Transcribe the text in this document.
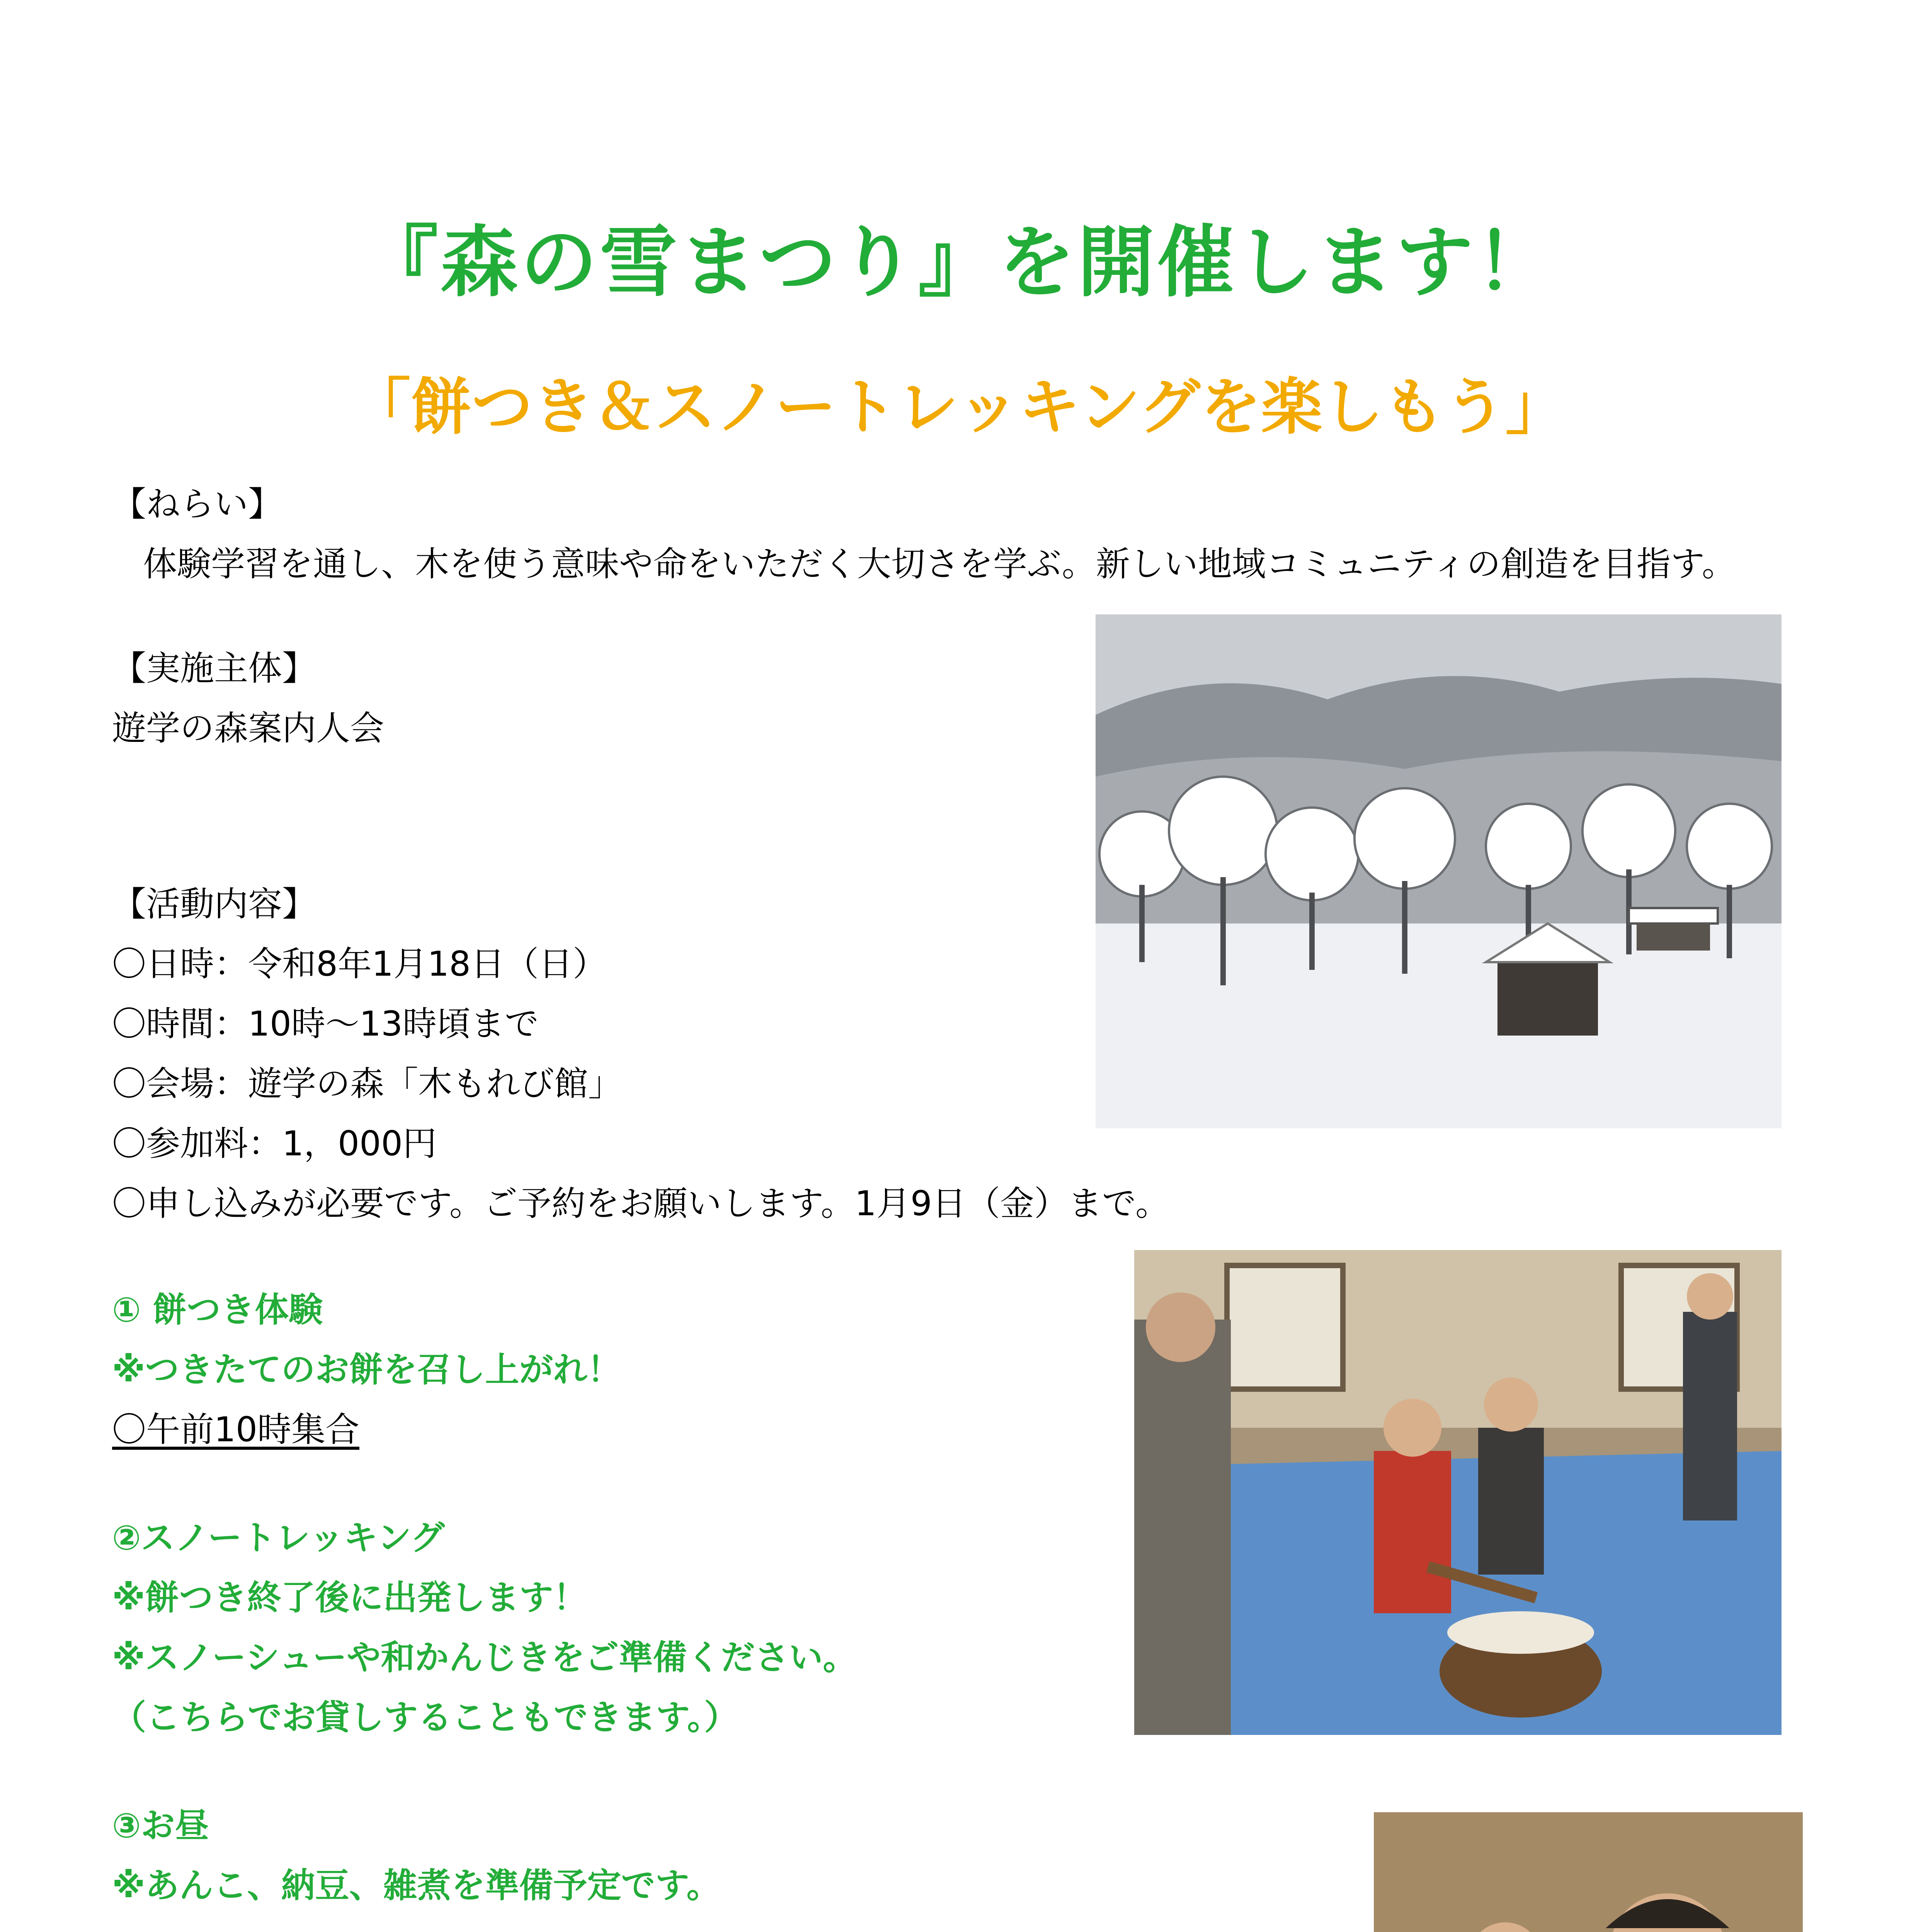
『森の雪まつり』を開催します！
「餅つき＆スノートレッキングを楽しもう」
【ねらい】
体験学習を通し、木を使う意味や命をいただく大切さを学ぶ。新しい地域コミュニティの創造を目指す。
【実施主体】
遊学の森案内人会
【活動内容】
〇日時：令和8年1月18日（日）
〇時間：10時～13時頃まで
〇会場：遊学の森「木もれび館」
〇参加料：1，000円
〇申し込みが必要です。ご予約をお願いします。1月9日（金）まで。
① 餅つき体験
※つきたてのお餅を召し上がれ！
〇午前10時集合
②スノートレッキング
※餅つき終了後に出発します！
※スノーシューや和かんじきをご準備ください。
（こちらでお貸しすることもできます。）
③お昼
※あんこ、納豆、雑煮を準備予定です。
